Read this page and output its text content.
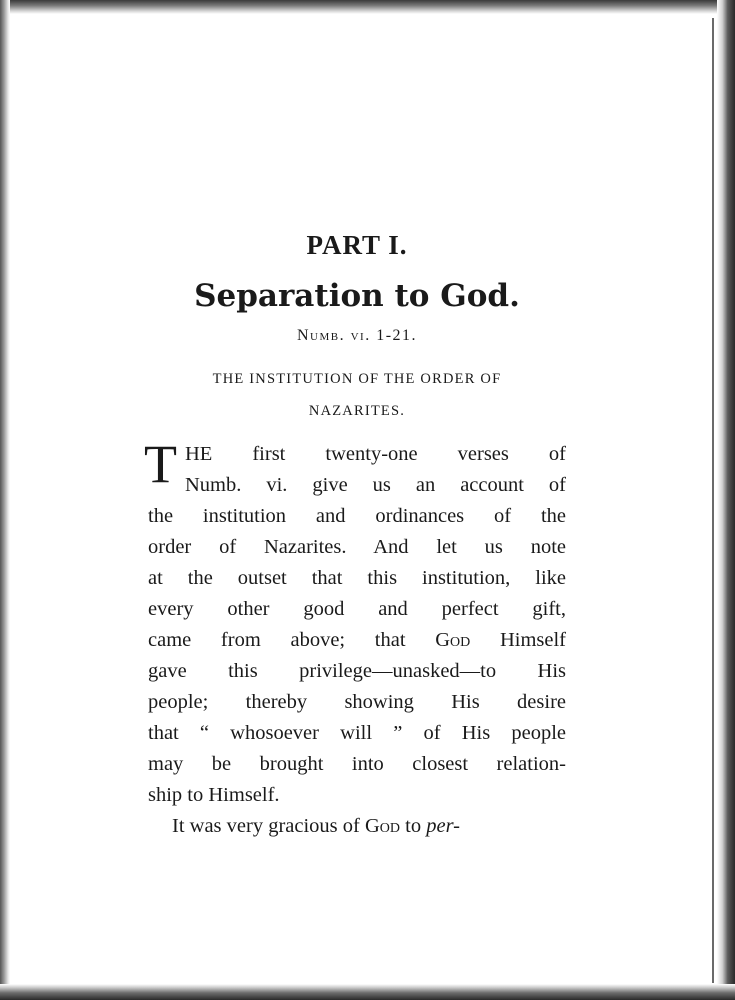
PART I.
Separation to God.
Numb. vi. 1-21.
THE INSTITUTION OF THE ORDER OF
NAZARITES.
T HE first twenty-one verses of
Numb. vi. give us an account of
the institution and ordinances of the
order of Nazarites. And let us note
at the outset that this institution, like
every other good and perfect gift,
came from above; that God Himself
gave this privilege—unasked—to His
people; thereby showing His desire
that “ whosoever will ” of His people
may be brought into closest relation-
ship to Himself.
It was very gracious of God to per-
